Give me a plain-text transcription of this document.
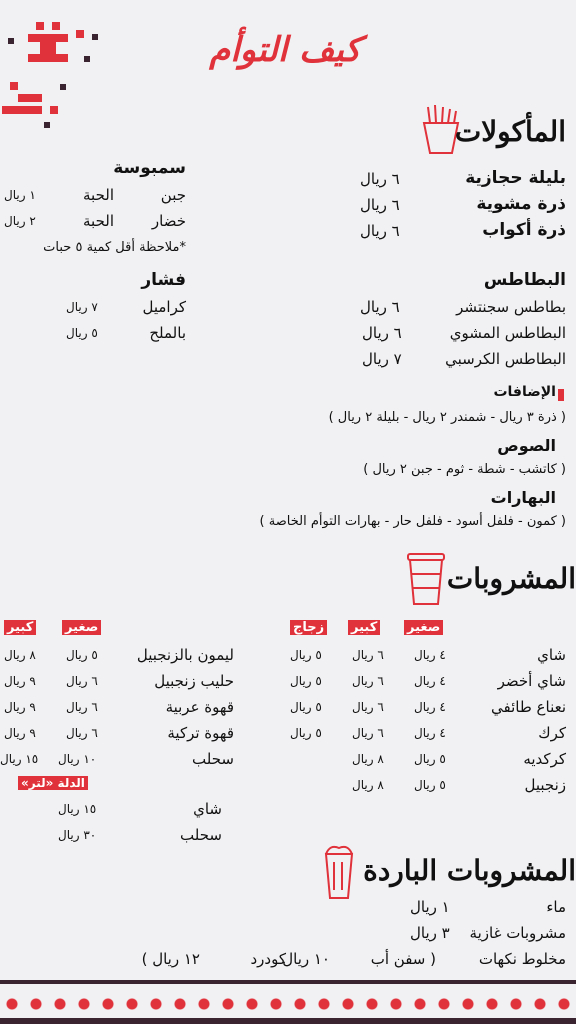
كيف التوأم
المأكولات
بليلة حجازية
٦ ريال
ذرة مشوية
٦ ريال
ذرة أكواب
٦ ريال
البطاطس
بطاطس سجنتشر
٦ ريال
البطاطس المشوي
٦ ريال
البطاطس الكرسبي
٧ ريال
الإضافات
( ذرة ٣ ريال - شمندر ٢ ريال - بليلة ٢ ريال )
الصوص
( كاتشب - شطة - ثوم - جبن ٢ ريال )
البهارات
( كمون - فلفل أسود - فلفل حار - بهارات التوأم الخاصة )
سمبوسة
جبن
الحبة
١ ريال
خضار
الحبة
٢ ريال
*ملاحظة أقل كمية ٥ حبات
فشار
كراميل
٧ ريال
بالملح
٥ ريال
المشروبات
صغير
كبير
زجاج
شاي
٤ ريال
٦ ريال
٥ ريال
شاي أخضر
٤ ريال
٦ ريال
٥ ريال
نعناع طائفي
٤ ريال
٦ ريال
٥ ريال
كرك
٤ ريال
٦ ريال
٥ ريال
كركديه
٥ ريال
٨ ريال
زنجبيل
٥ ريال
٨ ريال
صغير
كبير
ليمون بالزنجبيل
٥ ريال
٨ ريال
حليب زنجبيل
٦ ريال
٩ ريال
قهوة عربية
٦ ريال
٩ ريال
قهوة تركية
٦ ريال
٩ ريال
سحلب
١٠ ريال
١٥ ريال
الدلة «لتر»
شاي
١٥ ريال
سحلب
٣٠ ريال
المشروبات الباردة
ماء
١ ريال
مشروبات غازية
٣ ريال
مخلوط نكهات
( سفن أب
١٠ ريال
كودرد
١٢ ريال )
